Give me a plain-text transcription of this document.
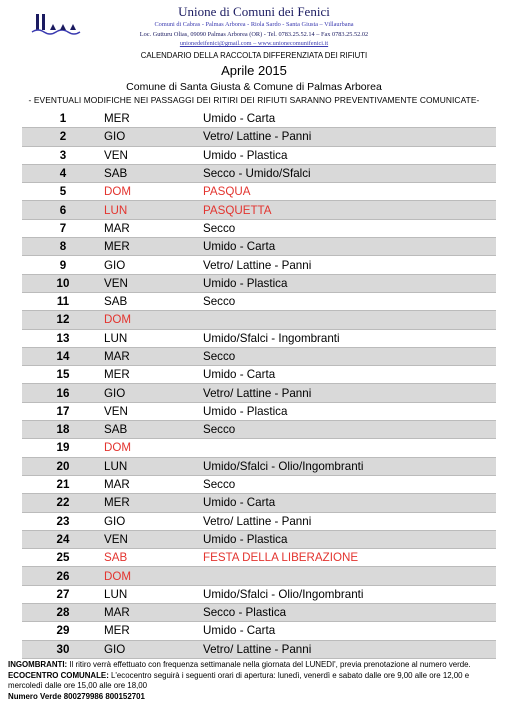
Unione di Comuni dei Fenici
Comuni di Cabras - Palmas Arborea - Riola Sardo - Santa Giusta – Villaurbana
Loc. Gutturu Olias, 09090 Palmas Arborea (OR) - Tel. 0783.25.52.14 – Fax 0783.25.52.02
unionedeifenici@gmail.com – www.unionecomunifenici.it
CALENDARIO DELLA RACCOLTA DIFFERENZIATA DEI RIFIUTI
Aprile 2015
Comune di Santa Giusta & Comune di Palmas Arborea
- EVENTUALI MODIFICHE NEI PASSAGGI DEI RITIRI DEI RIFIUTI SARANNO PREVENTIVAMENTE COMUNICATE-
1	MER	Umido - Carta
2	GIO	Vetro/ Lattine - Panni
3	VEN	Umido - Plastica
4	SAB	Secco - Umido/Sfalci
5	DOM	PASQUA
6	LUN	PASQUETTA
7	MAR	Secco
8	MER	Umido - Carta
9	GIO	Vetro/ Lattine - Panni
10	VEN	Umido - Plastica
11	SAB	Secco
12	DOM	
13	LUN	Umido/Sfalci - Ingombranti
14	MAR	Secco
15	MER	Umido - Carta
16	GIO	Vetro/ Lattine - Panni
17	VEN	Umido - Plastica
18	SAB	Secco
19	DOM	
20	LUN	Umido/Sfalci - Olio/Ingombranti
21	MAR	Secco
22	MER	Umido - Carta
23	GIO	Vetro/ Lattine - Panni
24	VEN	Umido - Plastica
25	SAB	FESTA DELLA LIBERAZIONE
26	DOM	
27	LUN	Umido/Sfalci - Olio/Ingombranti
28	MAR	Secco - Plastica
29	MER	Umido - Carta
30	GIO	Vetro/ Lattine - Panni
INGOMBRANTI: Il ritiro verrà effettuato con frequenza settimanale nella giornata del LUNEDI', previa prenotazione al numero verde.
ECOCENTRO COMUNALE: L'ecocentro seguirà i seguenti orari di apertura: lunedì, venerdì e sabato dalle ore 9,00 alle ore 12,00 e mercoledì dalle ore 15,00 alle ore 18,00
Numero Verde 800279986 800152701
